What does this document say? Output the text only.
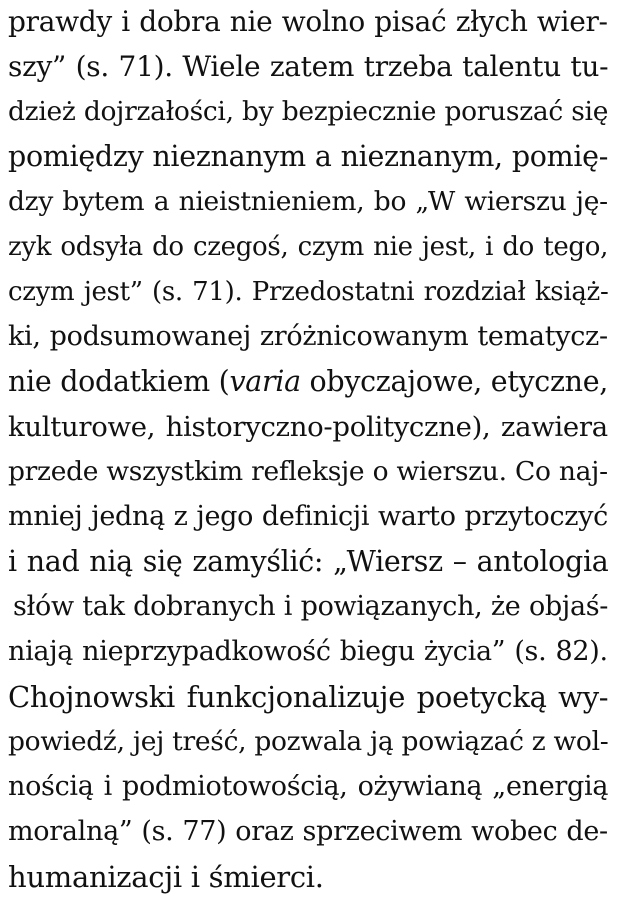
prawdy i dobra nie wolno pisać złych wier-
szy” (s. 71). Wiele zatem trzeba talentu tu-
dzież dojrzałości, by bezpiecznie poruszać się
pomiędzy nieznanym a nieznanym, pomię-
dzy bytem a nieistnieniem, bo „W wierszu ję-
zyk odsyła do czegoś, czym nie jest, i do tego,
czym jest” (s. 71). Przedostatni rozdział książ-
ki, podsumowanej zróżnicowanym tematycz-
nie dodatkiem (varia obyczajowe, etyczne,
kulturowe, historyczno-polityczne), zawiera
przede wszystkim refleksje o wierszu. Co naj-
mniej jedną z jego definicji warto przytoczyć
i nad nią się zamyślić: „Wiersz – antologia
słów tak dobranych i powiązanych, że objaś-
niają nieprzypadkowość biegu życia” (s. 82).
Chojnowski funkcjonalizuje poetycką wy-
powiedź, jej treść, pozwala ją powiązać z wol-
nością i podmiotowością, ożywianą „energią
moralną” (s. 77) oraz sprzeciwem wobec de-
humanizacji i śmierci.
